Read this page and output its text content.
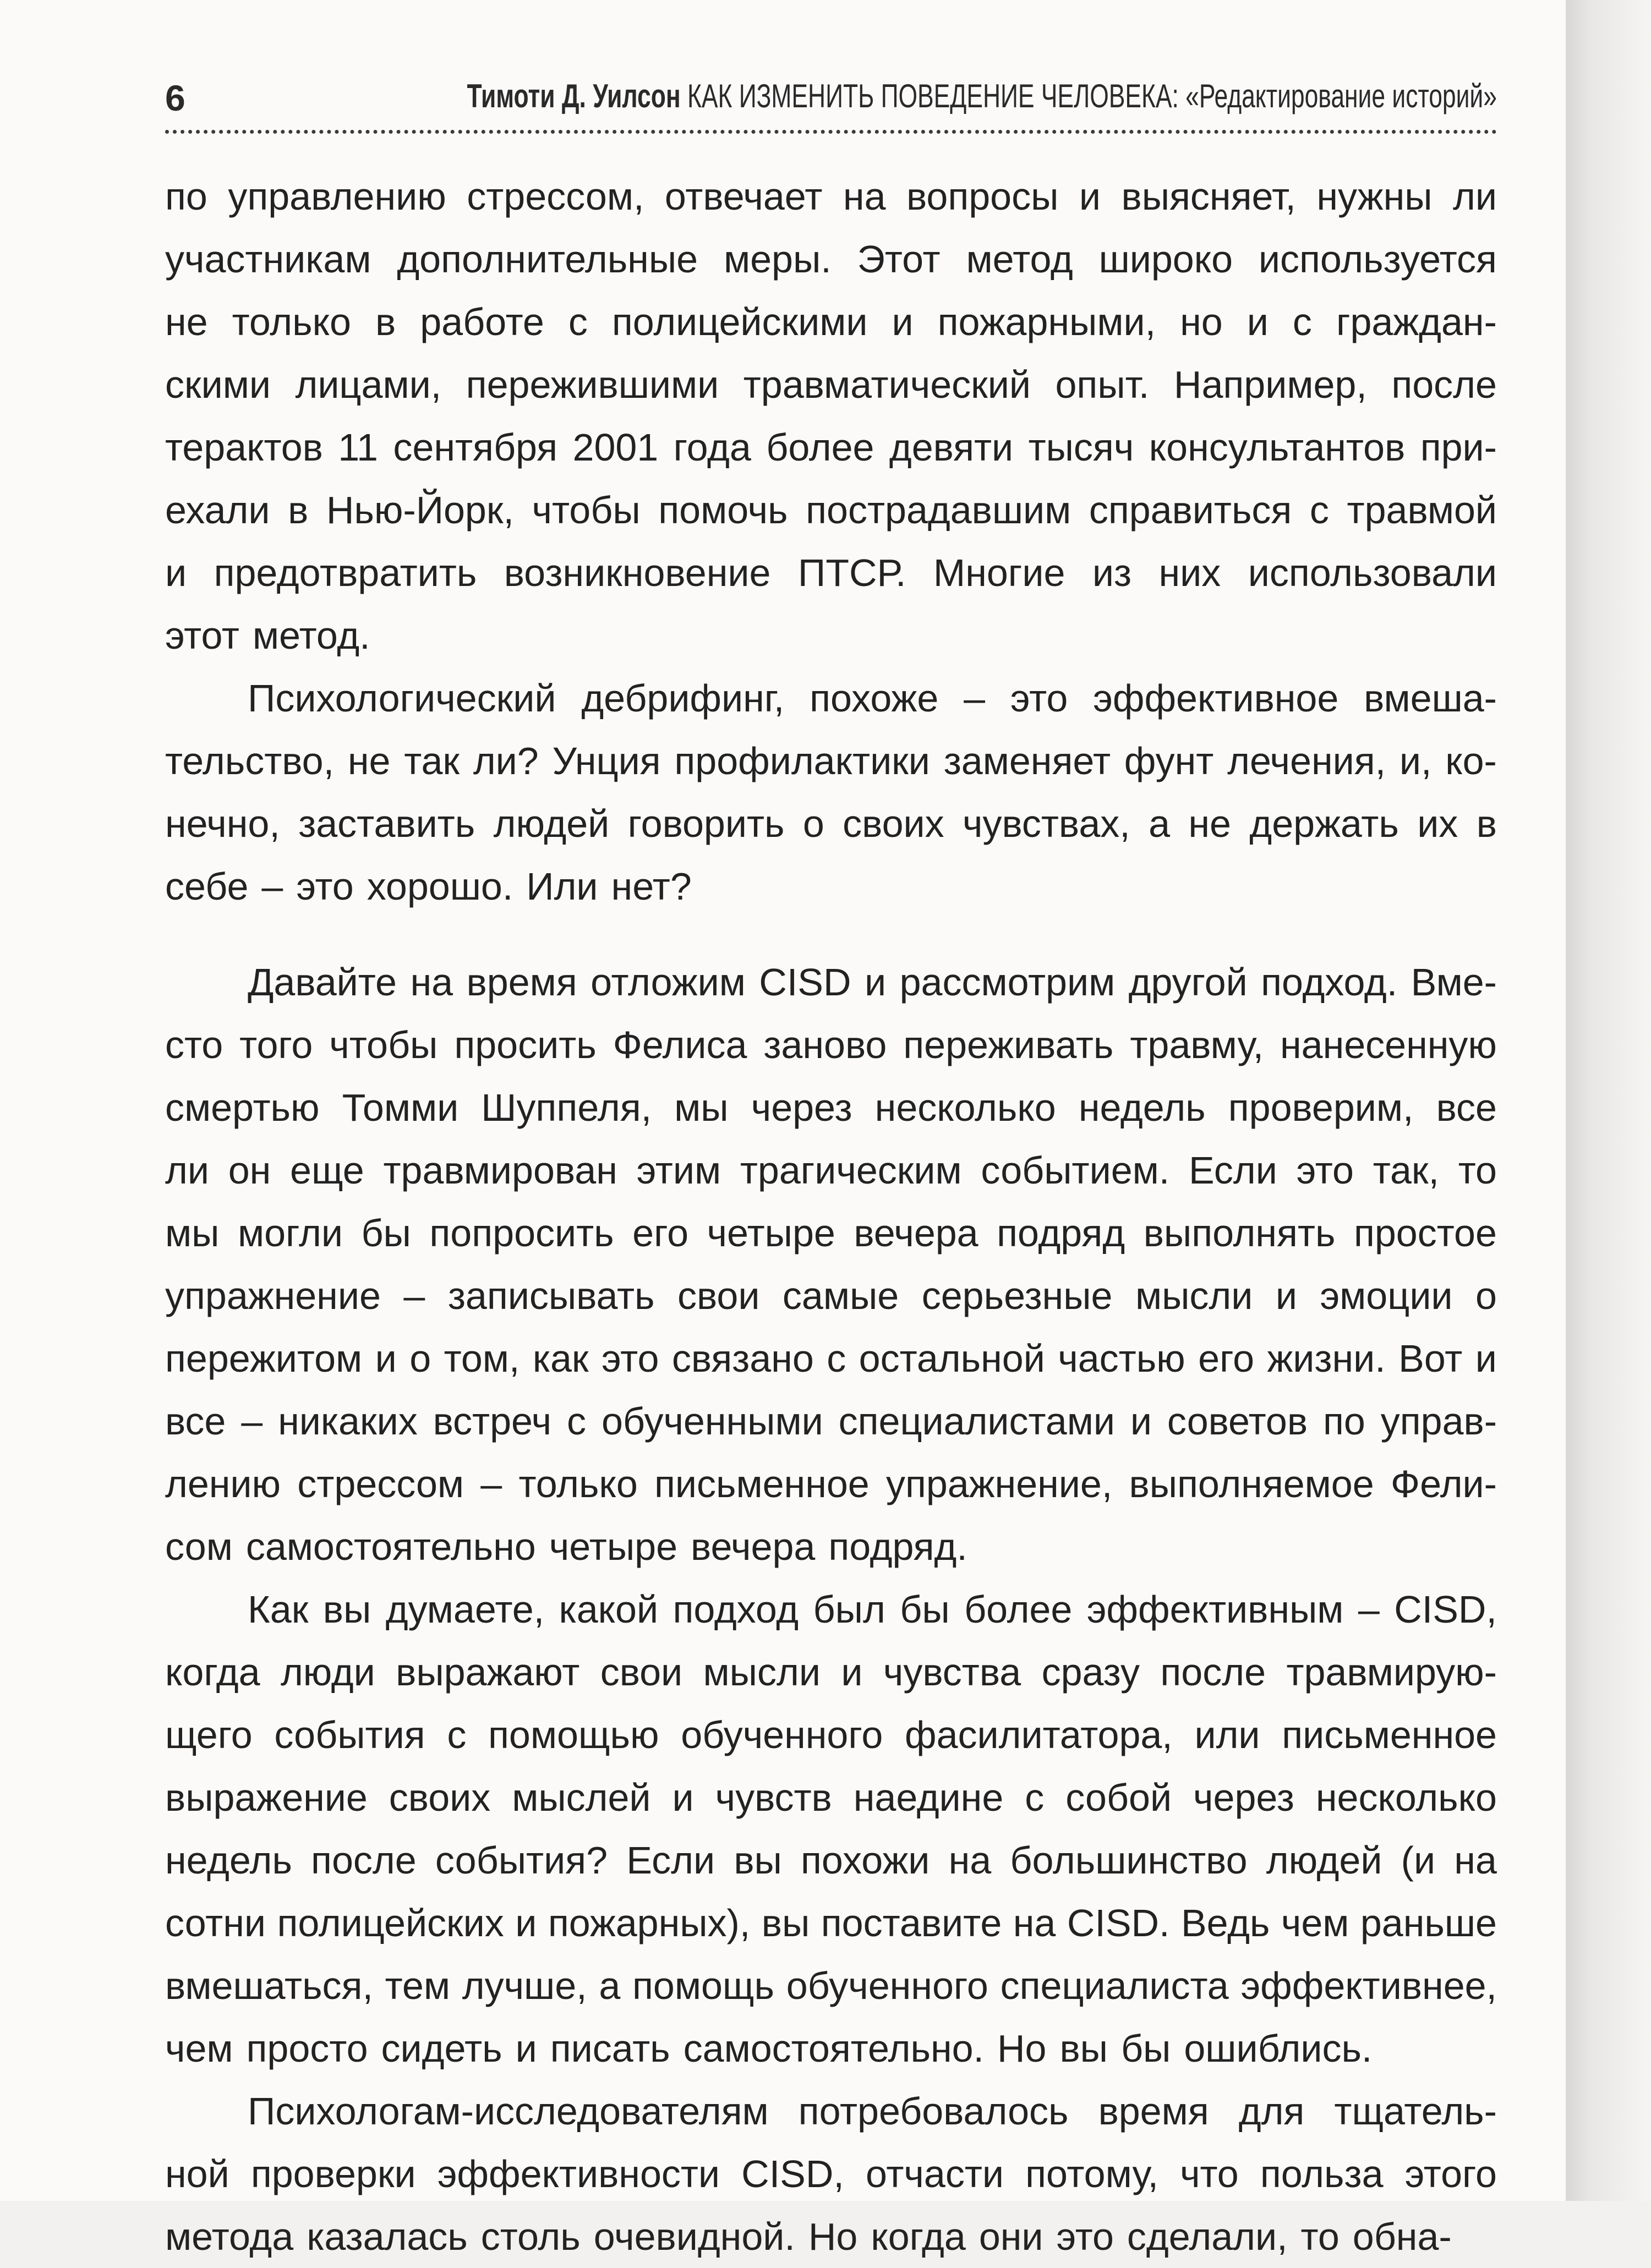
6	Тимоти Д. Уилсон КАК ИЗМЕНИТЬ ПОВЕДЕНИЕ ЧЕЛОВЕКА: «Редактирование историй»
по управлению стрессом, отвечает на вопросы и выясняет, нужны ли
участникам дополнительные меры. Этот метод широко используется
не только в работе с полицейскими и пожарными, но и с граждан-
скими лицами, пережившими травматический опыт. Например, после
терактов 11 сентября 2001 года более девяти тысяч консультантов при-
ехали в Нью-Йорк, чтобы помочь пострадавшим справиться с травмой
и предотвратить возникновение ПТСР. Многие из них использовали
этот метод.
Психологический дебрифинг, похоже – это эффективное вмеша-
тельство, не так ли? Унция профилактики заменяет фунт лечения, и, ко-
нечно, заставить людей говорить о своих чувствах, а не держать их в
себе – это хорошо. Или нет?
Давайте на время отложим CISD и рассмотрим другой подход. Вме-
сто того чтобы просить Фелиса заново переживать травму, нанесенную
смертью Томми Шуппеля, мы через несколько недель проверим, все
ли он еще травмирован этим трагическим событием. Если это так, то
мы могли бы попросить его четыре вечера подряд выполнять простое
упражнение – записывать свои самые серьезные мысли и эмоции о
пережитом и о том, как это связано с остальной частью его жизни. Вот и
все – никаких встреч с обученными специалистами и советов по управ-
лению стрессом – только письменное упражнение, выполняемое Фели-
сом самостоятельно четыре вечера подряд.
Как вы думаете, какой подход был бы более эффективным – CISD,
когда люди выражают свои мысли и чувства сразу после травмирую-
щего события с помощью обученного фасилитатора, или письменное
выражение своих мыслей и чувств наедине с собой через несколько
недель после события? Если вы похожи на большинство людей (и на
сотни полицейских и пожарных), вы поставите на CISD. Ведь чем раньше
вмешаться, тем лучше, а помощь обученного специалиста эффективнее,
чем просто сидеть и писать самостоятельно. Но вы бы ошиблись.
Психологам-исследователям потребовалось время для тщатель-
ной проверки эффективности CISD, отчасти потому, что польза этого
метода казалась столь очевидной. Но когда они это сделали, то обна-
